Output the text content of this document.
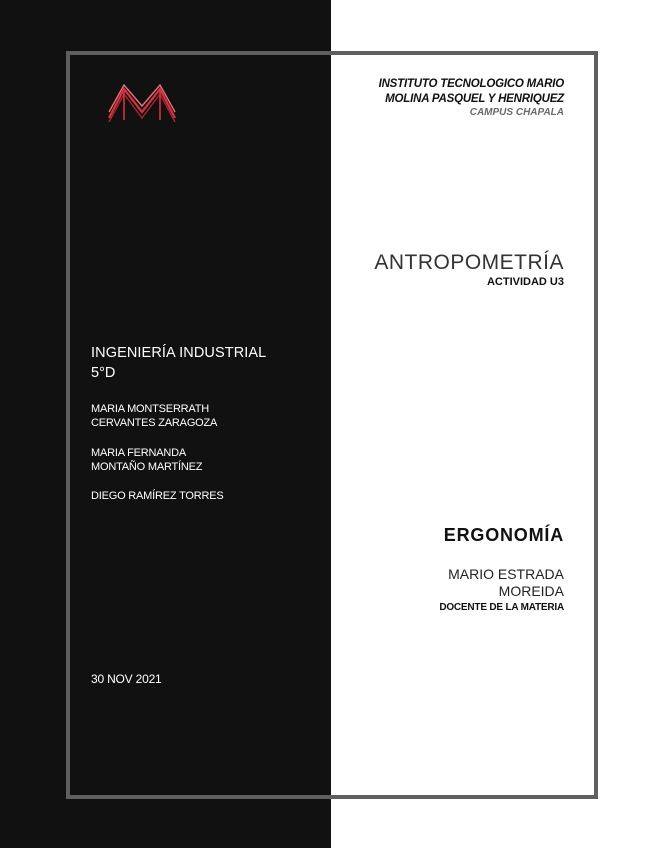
INSTITUTO TECNOLOGICO MARIO
MOLINA PASQUEL Y HENRIQUEZ
CAMPUS CHAPALA
ANTROPOMETRÍA
ACTIVIDAD U3
INGENIERÍA INDUSTRIAL
5°D
MARIA MONTSERRATH
CERVANTES ZARAGOZA
MARIA FERNANDA
MONTAÑO MARTÍNEZ
DIEGO RAMÍREZ TORRES
30 NOV 2021
ERGONOMÍA
MARIO ESTRADA
MOREIDA
DOCENTE DE LA MATERIA
